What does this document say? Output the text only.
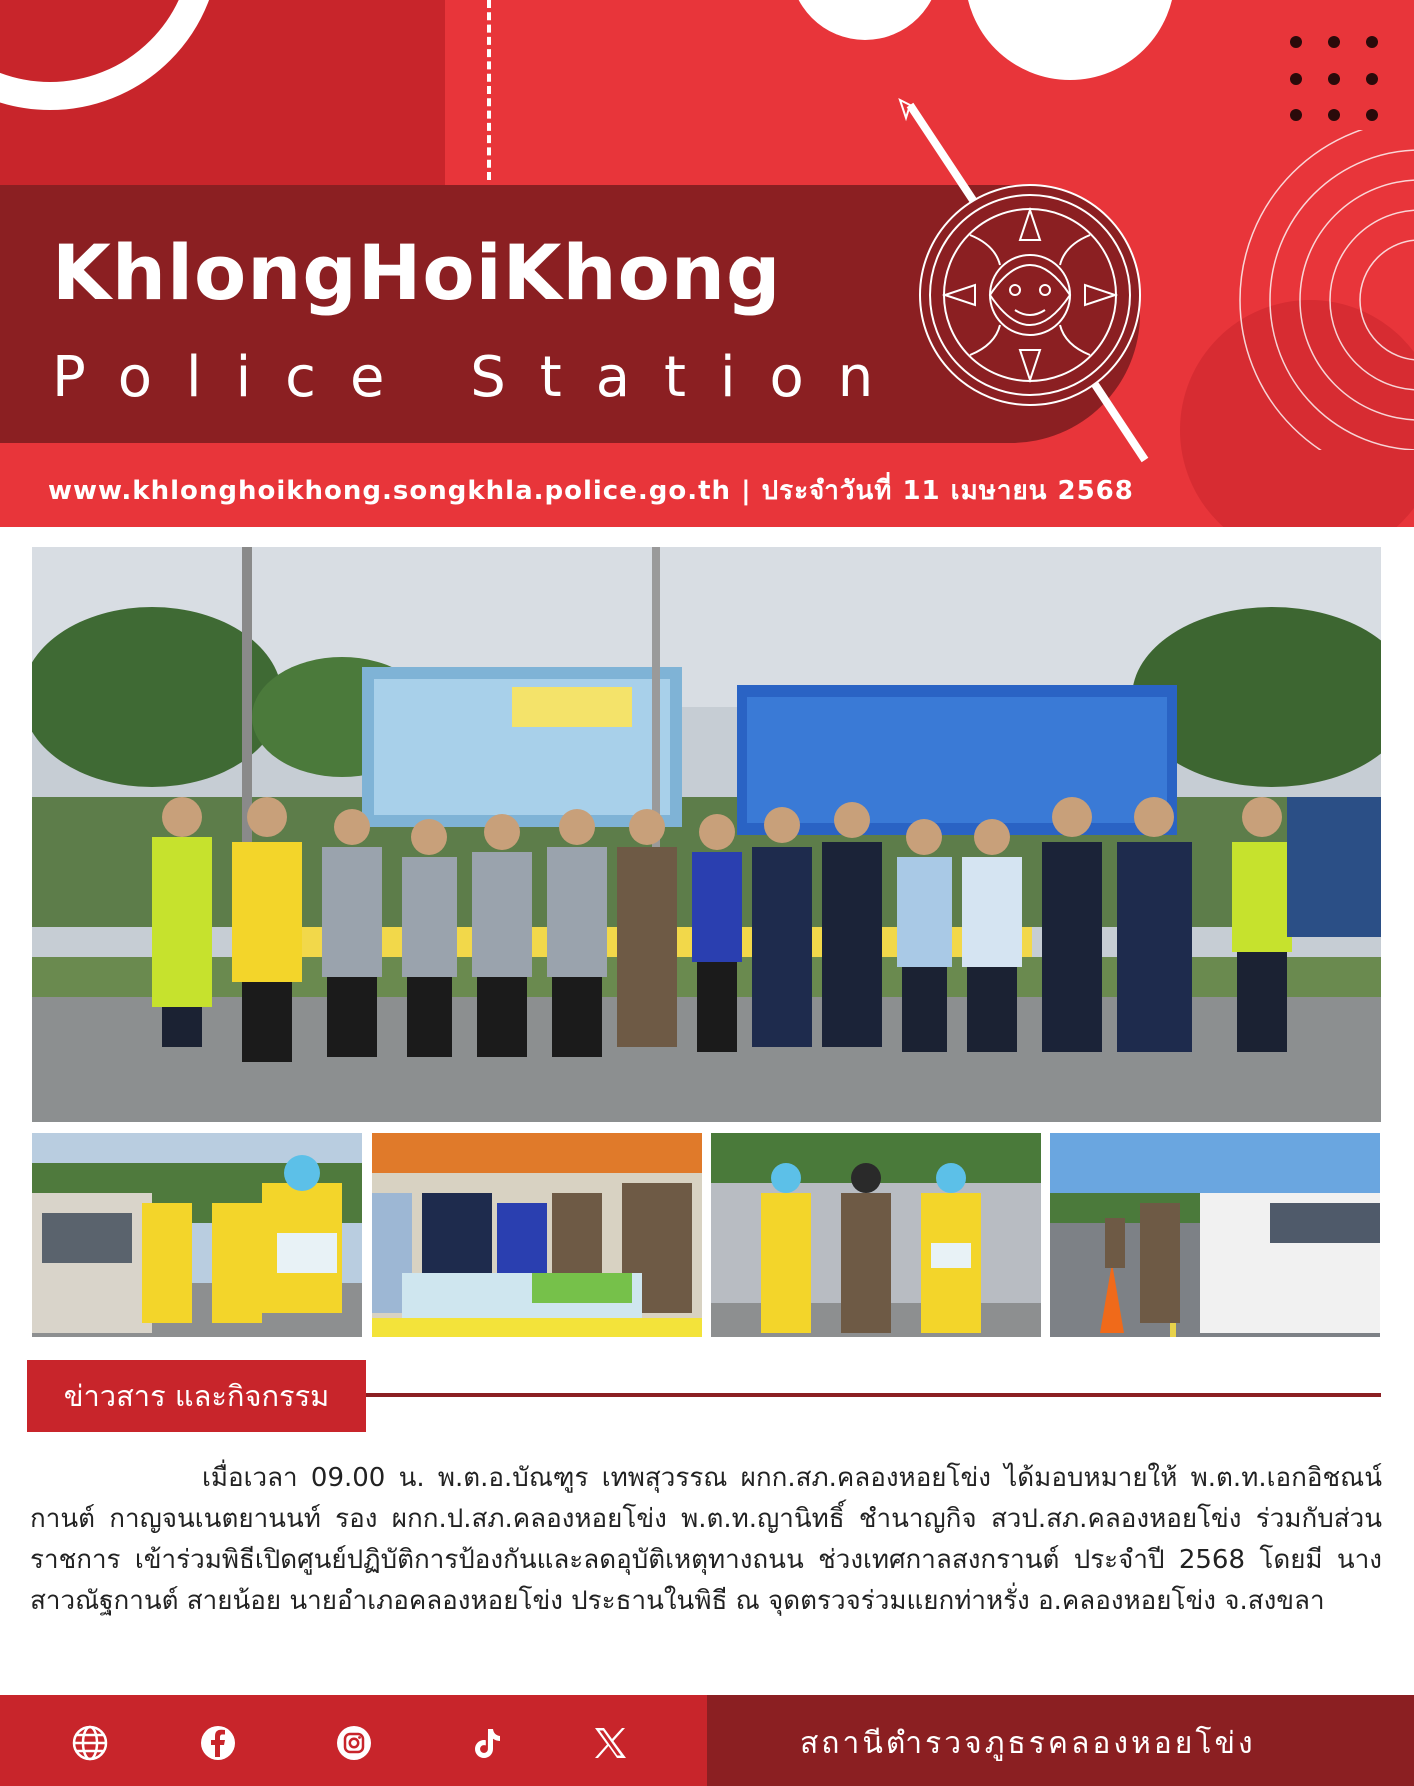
KhlongHoiKhong
Police Station
www.khlonghoikhong.songkhla.police.go.th | ประจำวันที่ 11 เมษายน 2568
ข่าวสาร และกิจกรรม
เมื่อเวลา 09.00 น. พ.ต.อ.บัณฑูร เทพสุวรรณ ผกก.สภ.คลองหอยโข่ง ได้มอบหมายให้ พ.ต.ท.เอกอิชณน์กานต์ กาญจนเนตยานนท์ รอง ผกก.ป.สภ.คลองหอยโข่ง พ.ต.ท.ญานิทธิ์ ชำนาญกิจ สวป.สภ.คลองหอยโข่ง ร่วมกับส่วนราชการ เข้าร่วมพิธีเปิดศูนย์ปฏิบัติการป้องกันและลดอุบัติเหตุทางถนน ช่วงเทศกาลสงกรานต์ ประจำปี 2568 โดยมี นางสาวณัฐกานต์ สายน้อย นายอำเภอคลองหอยโข่ง ประธานในพิธี ณ จุดตรวจร่วมแยกท่าหรั่ง อ.คลองหอยโข่ง จ.สงขลา
สถานีตำรวจภูธรคลองหอยโข่ง
